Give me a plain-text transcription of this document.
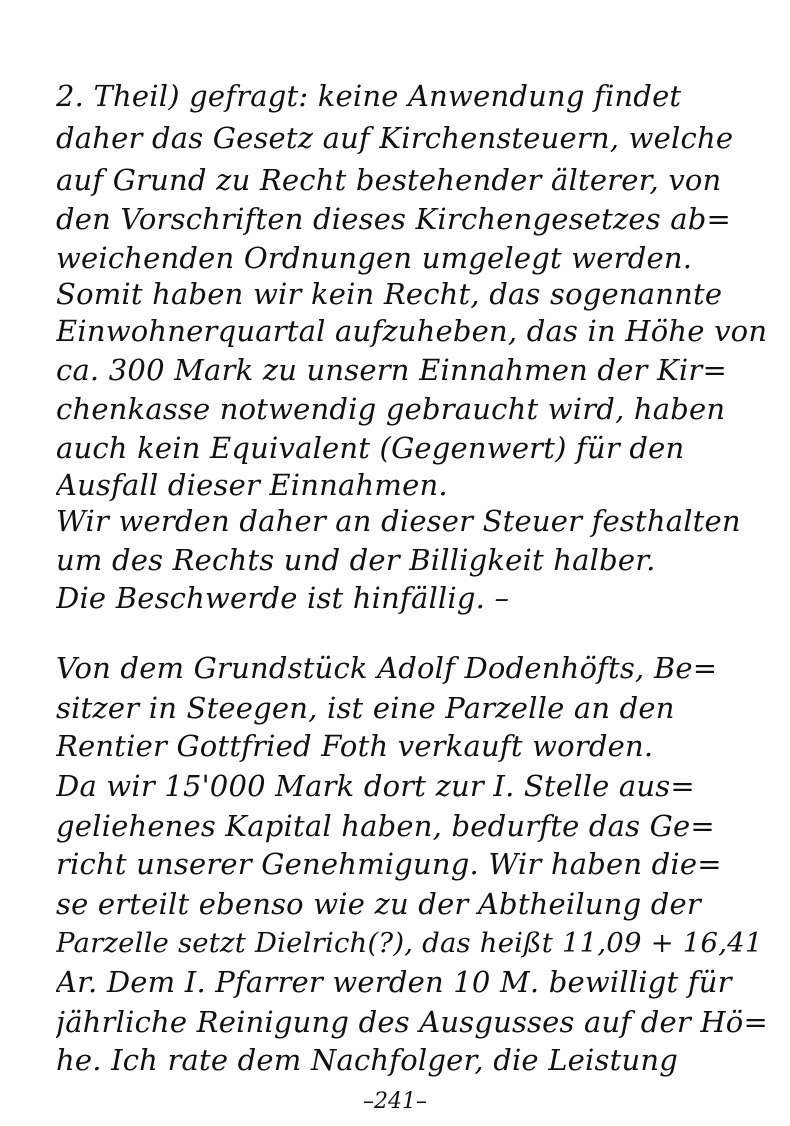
2. Theil) gefragt: keine Anwendung findet
daher das Gesetz auf Kirchensteuern, welche
auf Grund zu Recht bestehender älterer, von
den Vorschriften dieses Kirchengesetzes ab=
weichenden Ordnungen umgelegt werden.
Somit haben wir kein Recht, das sogenannte
Einwohnerquartal aufzuheben, das in Höhe von
ca. 300 Mark zu unsern Einnahmen der Kir=
chenkasse notwendig gebraucht wird, haben
auch kein Equivalent (Gegenwert) für den
Ausfall dieser Einnahmen.
Wir werden daher an dieser Steuer festhalten
um des Rechts und der Billigkeit halber.
Die Beschwerde ist hinfällig. –
Von dem Grundstück Adolf Dodenhöfts, Be=
sitzer in Steegen, ist eine Parzelle an den
Rentier Gottfried Foth verkauft worden.
Da wir 15'000 Mark dort zur I. Stelle aus=
geliehenes Kapital haben, bedurfte das Ge=
richt unserer Genehmigung. Wir haben die=
se erteilt ebenso wie zu der Abtheilung der
Parzelle setzt Dielrich(?), das heißt 11,09 + 16,41
Ar. Dem I. Pfarrer werden 10 M. bewilligt für
jährliche Reinigung des Ausgusses auf der Hö=
he. Ich rate dem Nachfolger, die Leistung
–241–
